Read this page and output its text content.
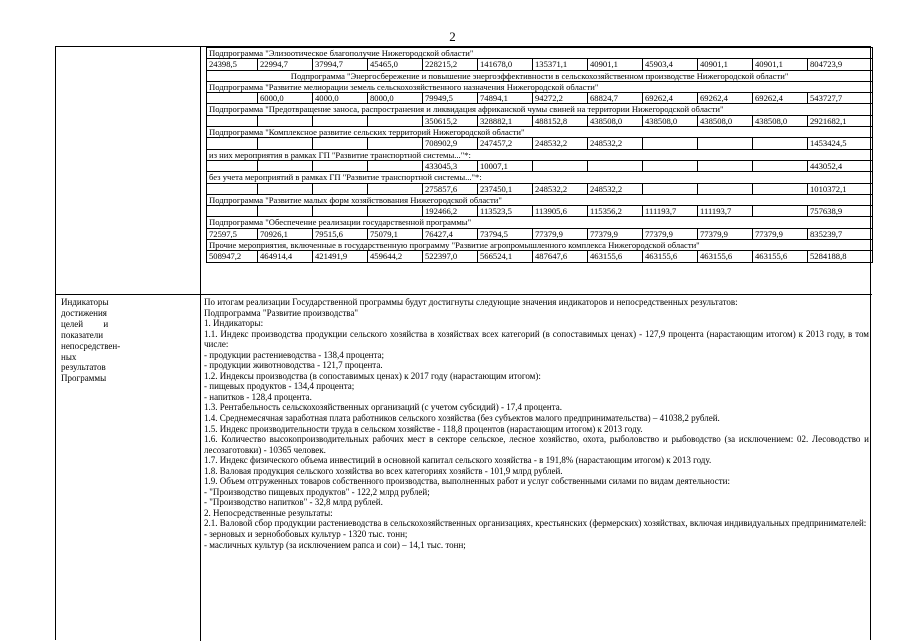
2
Подпрограмма "Элизоотическое благополучие Нижегородской области"											
24398,5	22994,7	37994,7	45465,0	228215,2	141678,0	135371,1	40901,1	45903,4	40901,1	40901,1	804723,9
Подпрограмма "Энергосбережение и повышение энергоэффективности в сельскохозяйственном производстве Нижегородской области"											
Подпрограмма "Развитие мелиорации земель сельскохозяйственного назначения Нижегородской области"											
	6000,0	4000,0	8000,0	79949,5	74894,1	94272,2	68824,7	69262,4	69262,4	69262,4	543727,7
Подпрограмма "Предотвращение заноса, распространения и ликвидация африканской чумы свиней на территории Нижегородской области"											
				350615,2	328882,1	488152,8	438508,0	438508,0	438508,0	438508,0	2921682,1
Подпрограмма "Комплексное развитие сельских территорий Нижегородской области"											
				708902,9	247457,2	248532,2	248532,2				1453424,5
из них мероприятия в рамках ГП "Развитие транспортной системы..."*:											
				433045,3	10007,1						443052,4
без учета мероприятий в рамках ГП "Развитие транспортной системы..."*:											
				275857,6	237450,1	248532,2	248532,2				1010372,1
Подпрограмма "Развитие малых форм хозяйствования Нижегородской области"											
				192466,2	113523,5	113905,6	115356,2	111193,7	111193,7		757638,9
Подпрограмма "Обеспечение реализации государственной программы"											
72597,5	70926,1	79515,6	75079,1	76427,4	73794,5	77379,9	77379,9	77379,9	77379,9	77379,9	835239,7
Прочие мероприятия, включенные в государственную программу "Развитие агропромышленного комплекса Нижегородской области"											
508947,2	464914,4	421491,9	459644,2	522397,0	566524,1	487647,6	463155,6	463155,6	463155,6	463155,6	5284188,8
Индикаторы
достижения
целей         и
показатели
непосредствен-
ных
результатов
Программы

По итогам реализации Государственной программы будут достигнуты следующие значения индикаторов и непосредственных результатов:

Подпрограмма "Развитие производства"

1. Индикаторы:

1.1. Индекс производства продукции сельского хозяйства в хозяйствах всех категорий (в сопоставимых ценах) - 127,9 процента (нарастающим итогом) к 2013 году, в том числе:

- продукции растениеводства - 138,4 процента;

- продукции животноводства - 121,7 процента.

1.2. Индексы производства (в сопоставимых ценах) к 2017 году (нарастающим итогом):

- пищевых продуктов - 134,4 процента;

- напитков - 128,4 процента.

1.3. Рентабельность сельскохозяйственных организаций (с учетом субсидий) - 17,4 процента.

1.4. Среднемесячная заработная плата работников сельского хозяйства (без субъектов малого предпринимательства) – 41038,2 рублей.

1.5. Индекс производительности труда в сельском хозяйстве - 118,8 процентов (нарастающим итогом) к 2013 году.

1.6. Количество высокопроизводительных рабочих мест в секторе сельское, лесное хозяйство, охота, рыболовство и рыбоводство (за исключением: 02. Лесоводство и лесозаготовки) - 10365 человек.

1.7. Индекс физического объема инвестиций в основной капитал сельского хозяйства - в 191,8% (нарастающим итогом) к 2013 году.

1.8. Валовая продукция сельского хозяйства во всех категориях хозяйств - 101,9 млрд рублей.

1.9. Объем отгруженных товаров собственного производства, выполненных работ и услуг собственными силами по видам деятельности:

- "Производство пищевых продуктов" - 122,2 млрд рублей;

- "Производство напитков" - 32,8 млрд рублей.

2. Непосредственные результаты:

2.1. Валовой сбор продукции растениеводства в сельскохозяйственных организациях, крестьянских (фермерских) хозяйствах, включая индивидуальных предпринимателей:

- зерновых и зернобобовых культур - 1320 тыс. тонн;

- масличных культур (за исключением рапса и сои) – 14,1 тыс. тонн;
